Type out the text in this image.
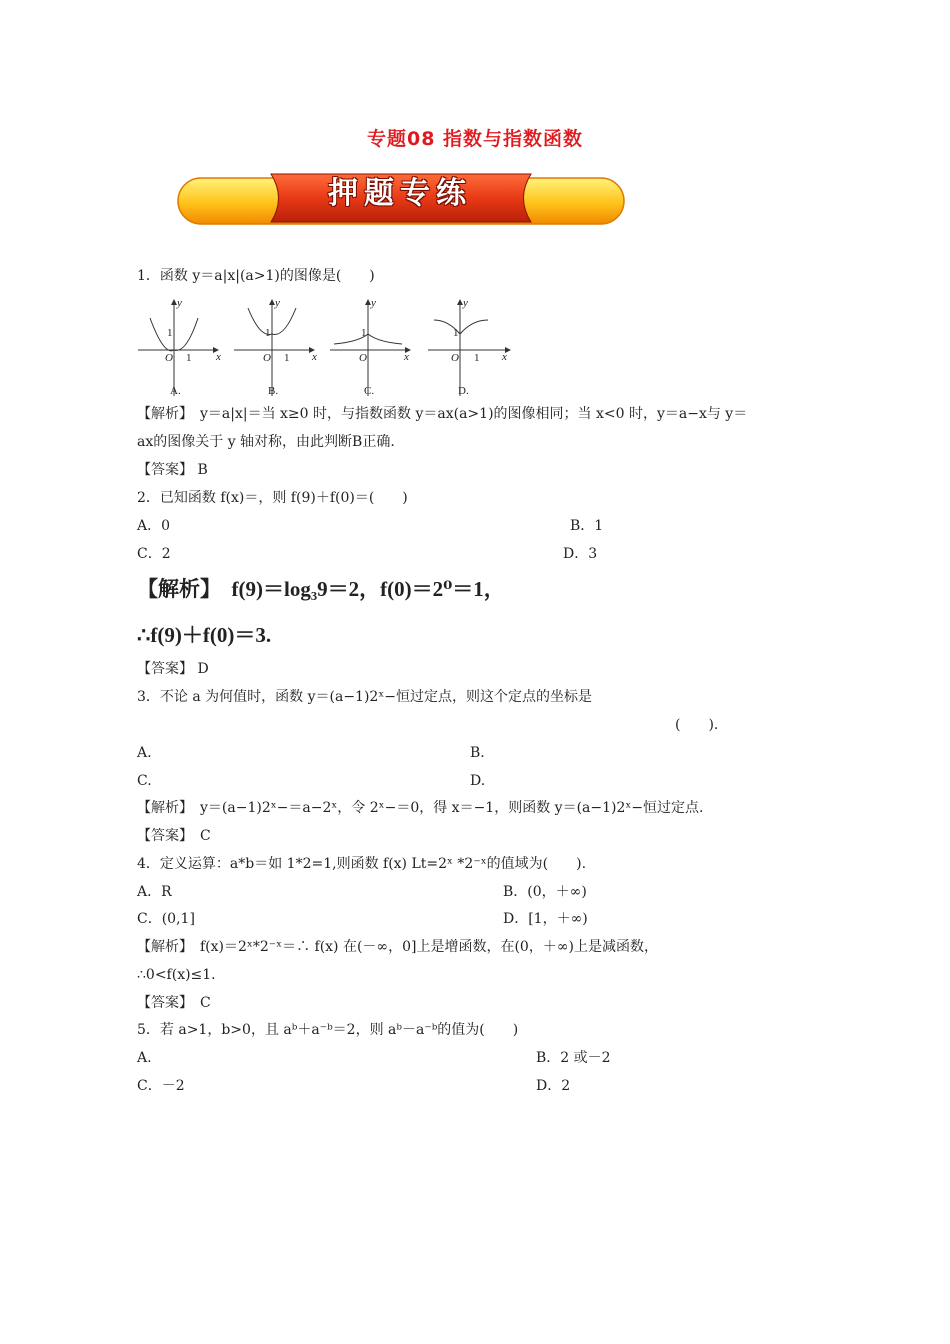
专题08 指数与指数函数
押题专练
1．函数 y＝a|x|(a>1)的图像是(　　)
y
x
y
x
y
x
y
x
O	O	O	O
1
1
1
1
1	1
1
A.	B.	C.	D.
【解析】　y＝a|x|＝当 x≥0 时，与指数函数 y＝ax(a>1)的图像相同；当 x<0 时，y＝a−x与 y＝
ax的图像关于 y 轴对称，由此判断B正确.
【答案】 B
2．已知函数 f(x)＝，则 f(9)＋f(0)＝(　　)
A．0	B．1
C．2	D．3
【解析】　f(9)＝log₃9＝2，f(0)＝2⁰＝1，
∴f(9)＋f(0)＝3.
【答案】 D
3．不论 a 为何值时，函数 y＝(a−1)2ˣ−恒过定点，则这个定点的坐标是
(　　).
A.	B.
C.	D.
【解析】　y＝(a−1)2ˣ−＝a−2ˣ，令 2ˣ−＝0，得 x＝−1，则函数 y＝(a−1)2ˣ−恒过定点.
【答案】　C
4．定义运算：a*b＝如 1*2=1,则函数 f(x) Lt=2ˣ *2⁻ˣ的值域为(　　).
A．R	B．(0，＋∞)
C．(0,1]	D．[1，＋∞)
【解析】　f(x)＝2ˣ*2⁻ˣ＝∴ f(x) 在(－∞，0]上是增函数，在(0，＋∞)上是减函数，
∴0<f(x)≤1.
【答案】　C
5．若 a>1，b>0，且 aᵇ＋a⁻ᵇ＝2，则 aᵇ－a⁻ᵇ的值为(　　)
A.	B．2 或－2
C．－2	D．2
